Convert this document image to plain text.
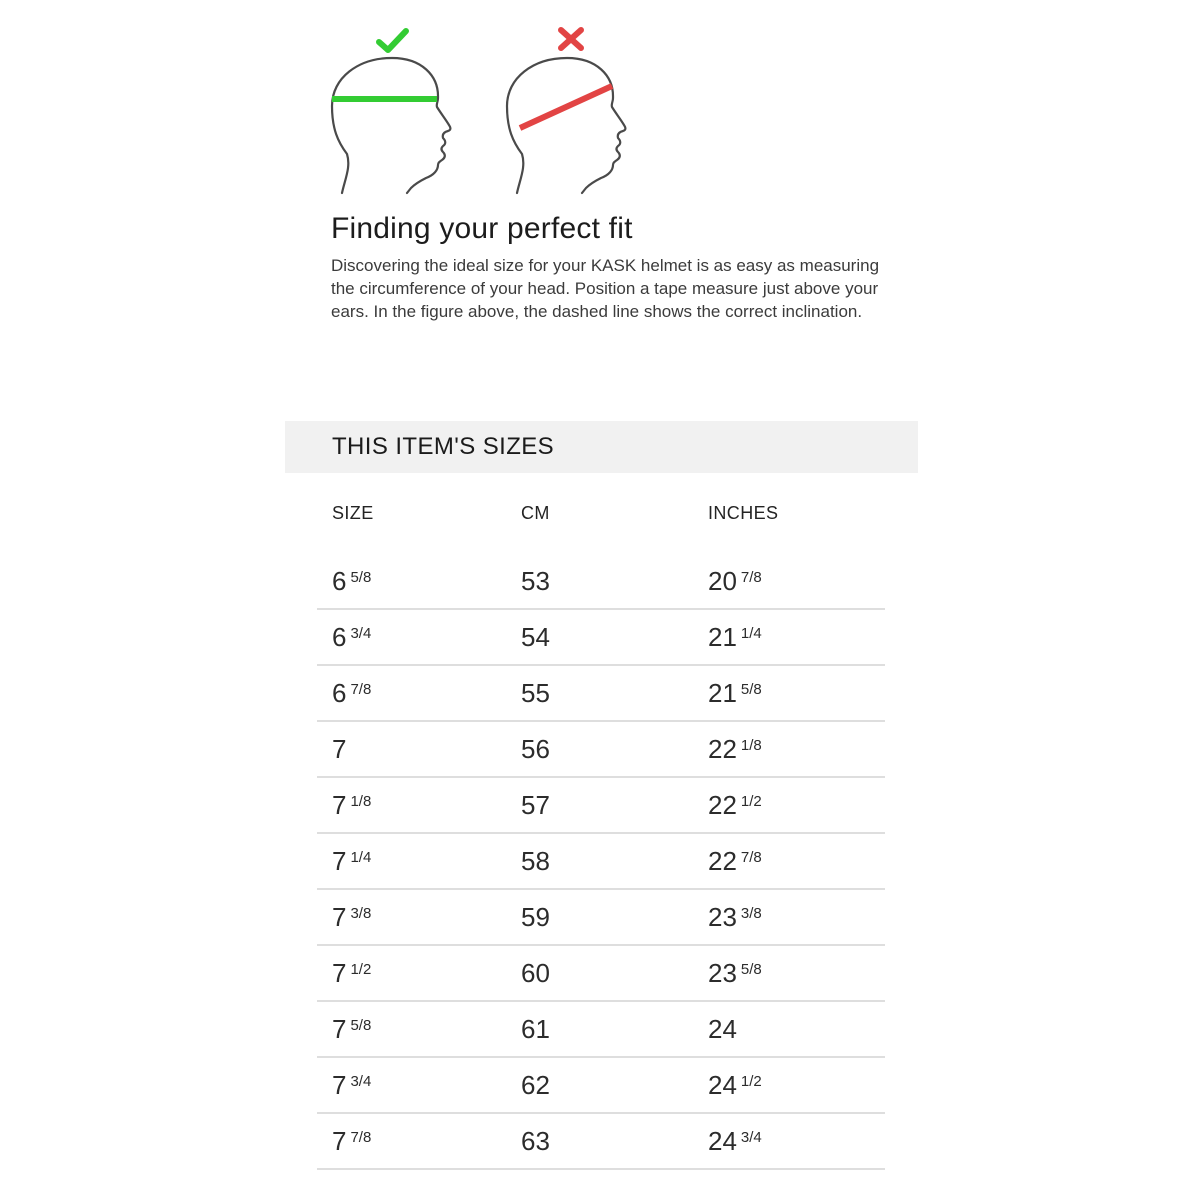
Finding your perfect fit

Discovering the ideal size for your KASK helmet is as easy as measuring the circumference of your head. Position a tape measure just above your ears. In the figure above, the dashed line shows the correct inclination.

THIS ITEM'S SIZES
SIZE	CM	INCHES
6 5/8	53	20 7/8
6 3/4	54	21 1/4
6 7/8	55	21 5/8
7	56	22 1/8
7 1/8	57	22 1/2
7 1/4	58	22 7/8
7 3/8	59	23 3/8
7 1/2	60	23 5/8
7 5/8	61	24
7 3/4	62	24 1/2
7 7/8	63	24 3/4
